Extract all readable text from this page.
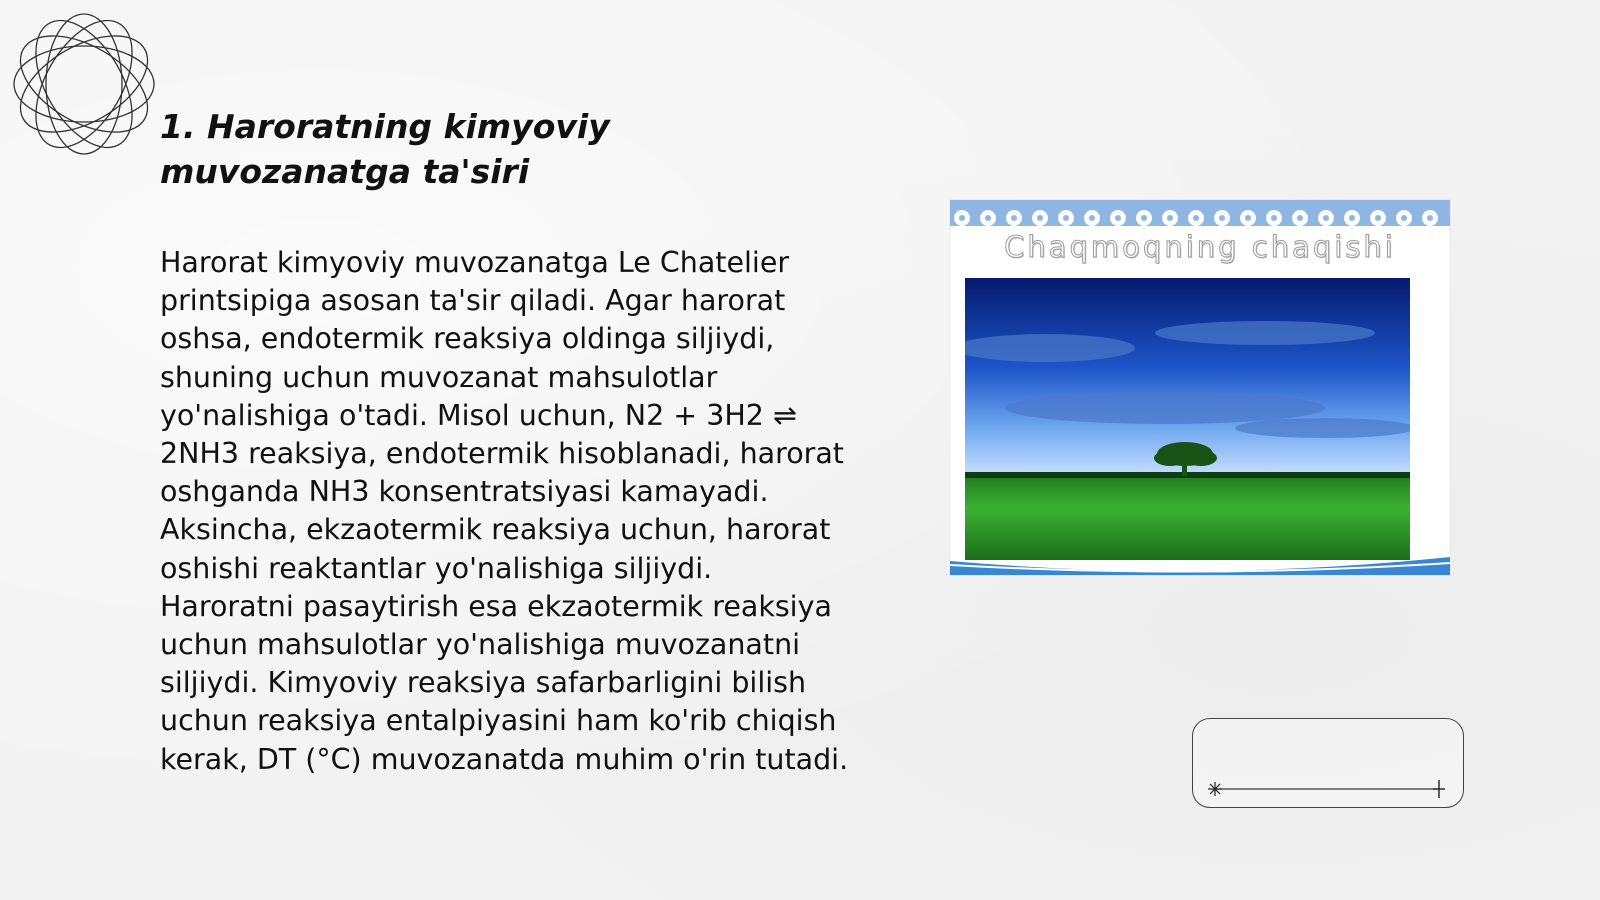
1. Haroratning kimyoviy muvozanatga ta'siri

Harorat kimyoviy muvozanatga Le Chatelier printsipiga asosan ta'sir qiladi. Agar harorat oshsa, endotermik reaksiya oldinga siljiydi, shuning uchun muvozanat mahsulotlar yo'nalishiga o'tadi. Misol uchun, N2 + 3H2 ⇌ 2NH3 reaksiya, endotermik hisoblanadi, harorat oshganda NH3 konsentratsiyasi kamayadi. Aksincha, ekzaotermik reaksiya uchun, harorat oshishi reaktantlar yo'nalishiga siljiydi. Haroratni pasaytirish esa ekzaotermik reaksiya uchun mahsulotlar yo'nalishiga muvozanatni siljiydi. Kimyoviy reaksiya safarbarligini bilish uchun reaksiya entalpiyasini ham ko'rib chiqish kerak, DT (°C) muvozanatda muhim o'rin tutadi.

Chaqmoqning chaqishi
